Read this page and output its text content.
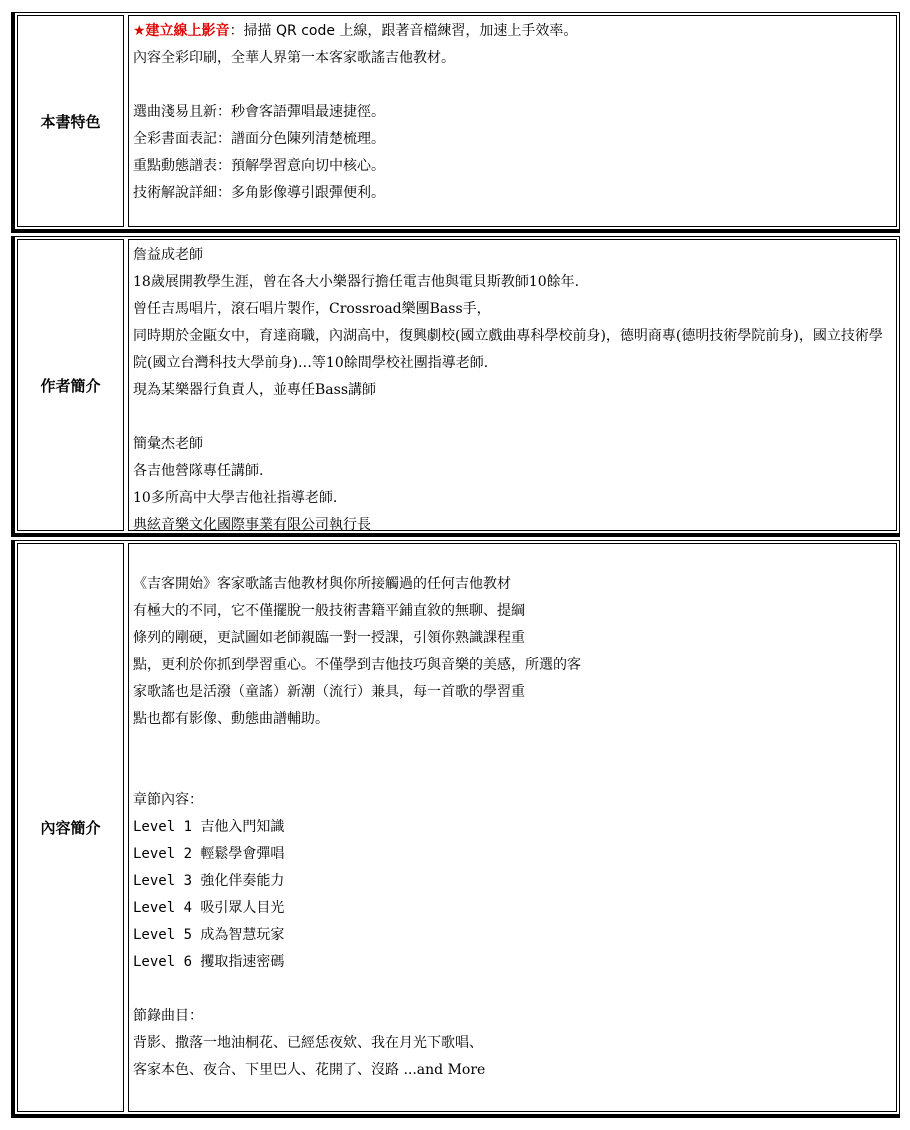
本書特色
★建立線上影音：掃描 QR code 上線，跟著音檔練習，加速上手效率。
內容全彩印刷，全華人界第一本客家歌謠吉他教材。
選曲淺易且新：秒會客語彈唱最速捷徑。
全彩書面表記：譜面分色陳列清楚梳理。
重點動態譜表：預解學習意向切中核心。
技術解說詳細：多角影像導引跟彈便利。
作者簡介
詹益成老師
18歲展開教學生涯，曾在各大小樂器行擔任電吉他與電貝斯教師10餘年.
曾任吉馬唱片，滾石唱片製作，Crossroad樂團Bass手，
同時期於金甌女中，育達商職，內湖高中，復興劇校(國立戲曲專科學校前身)，德明商專(德明技術學院前身)，國立技術學院(國立台灣科技大學前身)…等10餘間學校社團指導老師.
現為某樂器行負責人，並專任Bass講師
簡彙杰老師
各吉他營隊專任講師.
10多所高中大學吉他社指導老師.
典絃音樂文化國際事業有限公司執行長
內容簡介
《吉客開始》客家歌謠吉他教材與你所接觸過的任何吉他教材
有極大的不同，它不僅擺脫一般技術書籍平鋪直敘的無聊、提綱
條列的剛硬，更試圖如老師親臨一對一授課，引領你熟識課程重
點，更利於你抓到學習重心。不僅學到吉他技巧與音樂的美感，所選的客
家歌謠也是活潑（童謠）新潮（流行）兼具，每一首歌的學習重
點也都有影像、動態曲譜輔助。
章節內容：
Level 1 吉他入門知識
Level 2 輕鬆學會彈唱
Level 3 強化伴奏能力
Level 4 吸引眾人目光
Level 5 成為智慧玩家
Level 6 攫取指速密碼
節錄曲目：
背影、撒落一地油桐花、已經恁夜欸、我在月光下歌唱、
客家本色、夜合、下里巴人、花開了、沒路 ...and More
